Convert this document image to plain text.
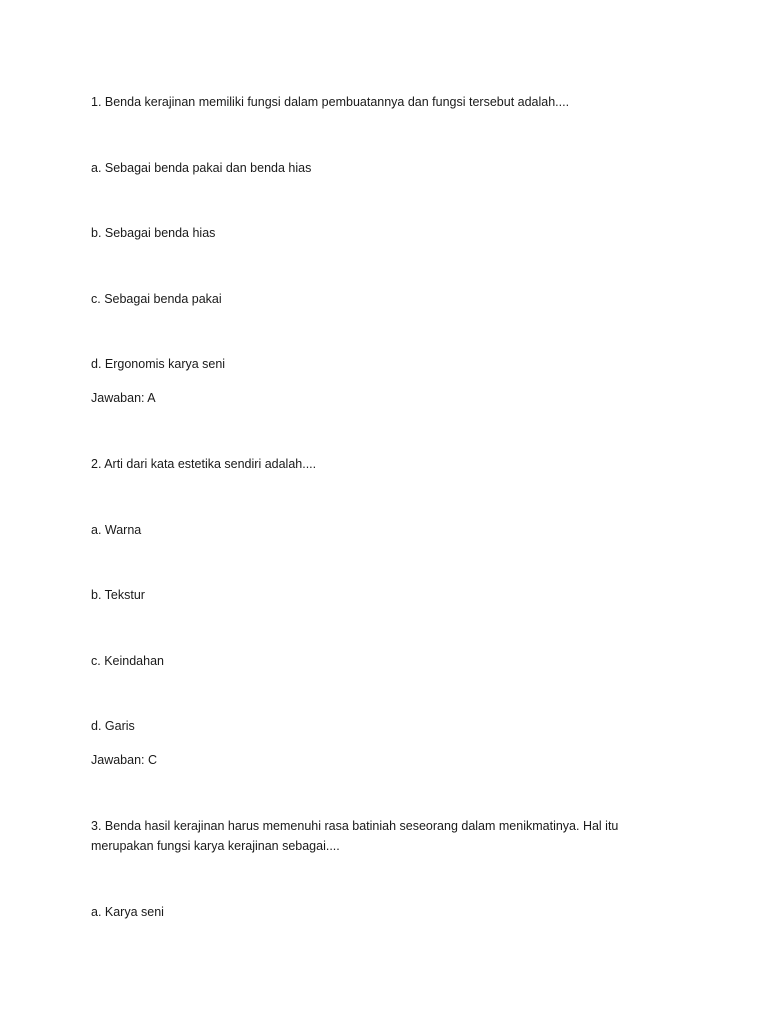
1. Benda kerajinan memiliki fungsi dalam pembuatannya dan fungsi tersebut adalah....
a. Sebagai benda pakai dan benda hias
b. Sebagai benda hias
c. Sebagai benda pakai
d. Ergonomis karya seni
Jawaban: A
2. Arti dari kata estetika sendiri adalah....
a. Warna
b. Tekstur
c. Keindahan
d. Garis
Jawaban: C
3. Benda hasil kerajinan harus memenuhi rasa batiniah seseorang dalam menikmatinya. Hal itu
merupakan fungsi karya kerajinan sebagai....
a. Karya seni
